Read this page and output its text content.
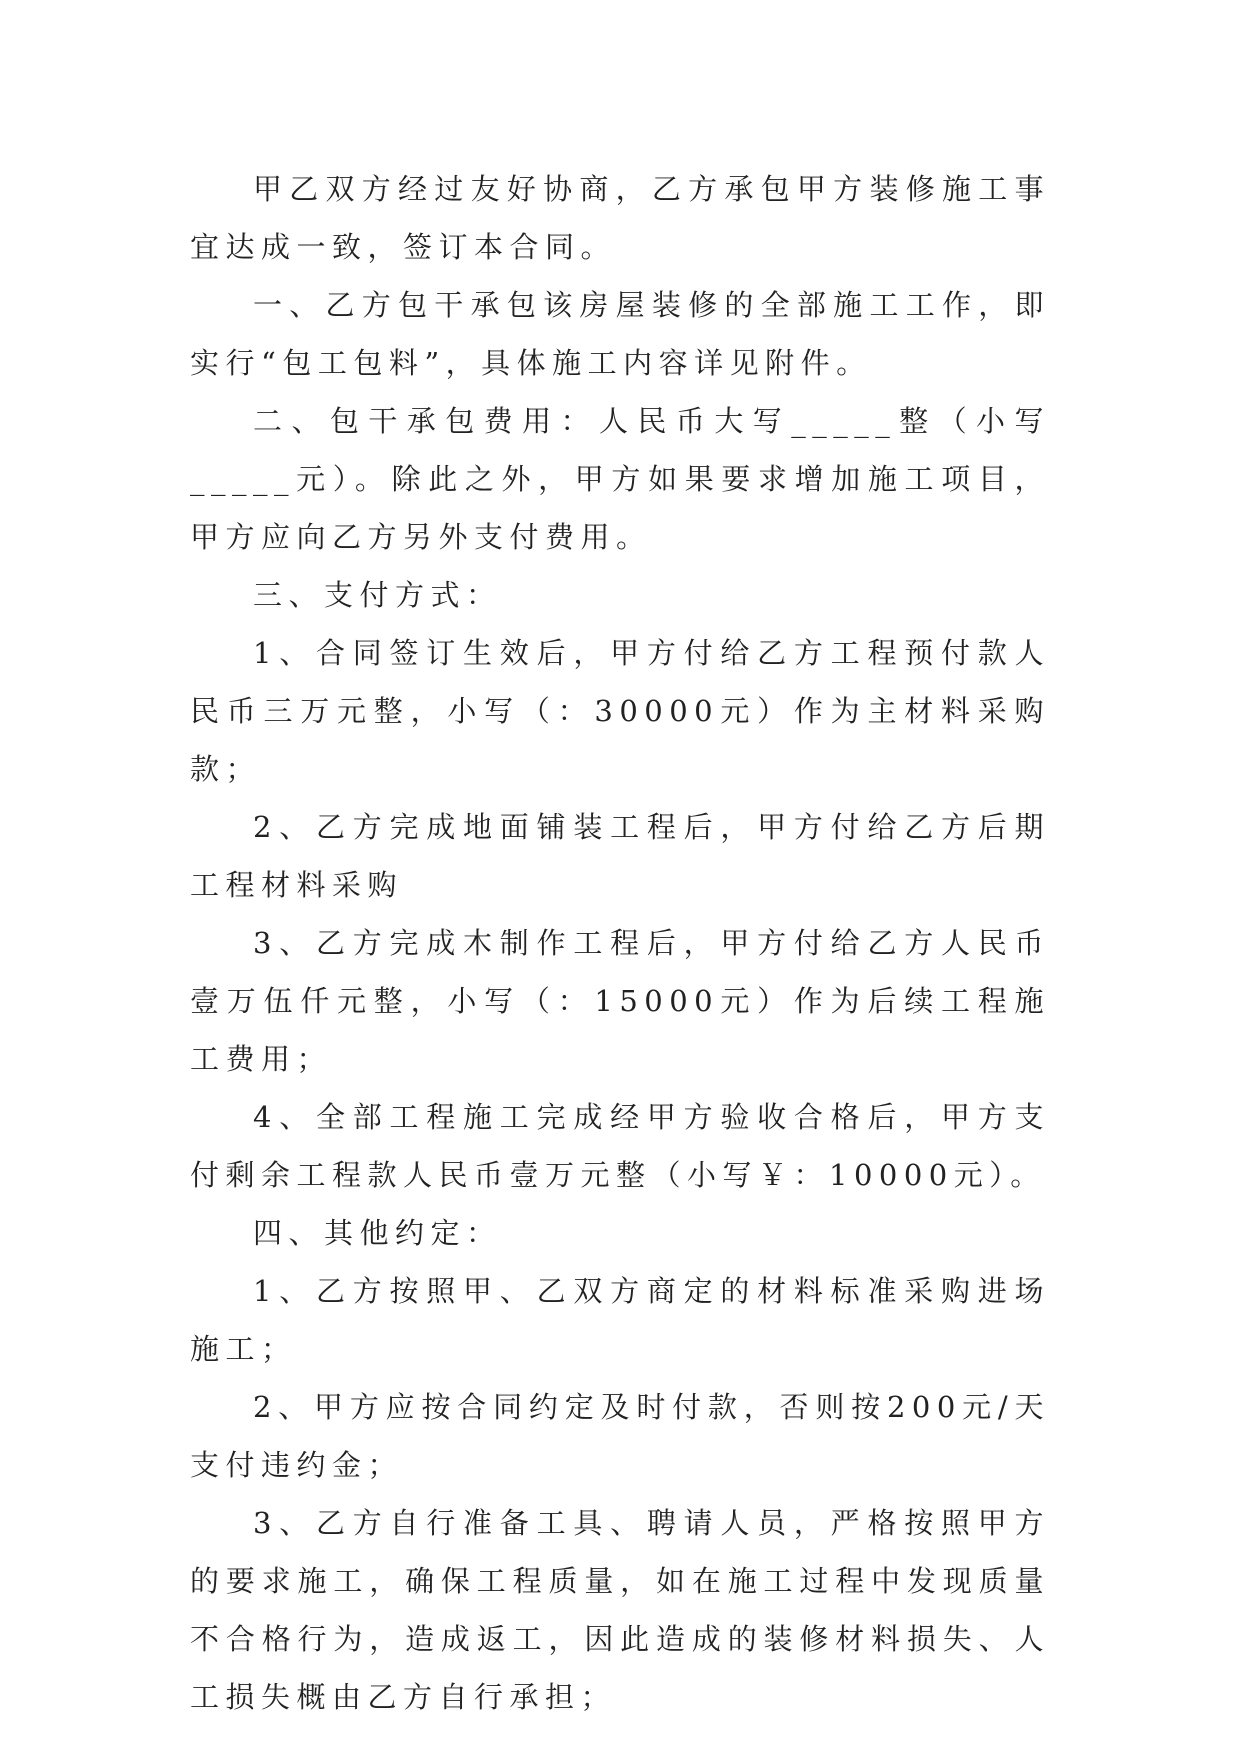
甲乙双方经过友好协商，乙方承包甲方装修施工事宜达成一致，签订本合同。

一、乙方包干承包该房屋装修的全部施工工作，即实行“包工包料”，具体施工内容详见附件。

二、包干承包费用：人民币大写_____整（小写_____元）。除此之外，甲方如果要求增加施工项目，甲方应向乙方另外支付费用。

三、支付方式：

1、合同签订生效后，甲方付给乙方工程预付款人民币三万元整，小写（：30000元）作为主材料采购款；

2、乙方完成地面铺装工程后，甲方付给乙方后期工程材料采购

3、乙方完成木制作工程后，甲方付给乙方人民币壹万伍仟元整，小写（：15000元）作为后续工程施工费用；

4、全部工程施工完成经甲方验收合格后，甲方支付剩余工程款人民币壹万元整（小写￥：10000元）。

四、其他约定：

1、乙方按照甲、乙双方商定的材料标准采购进场施工；

2、甲方应按合同约定及时付款，否则按200元/天支付违约金；

3、乙方自行准备工具、聘请人员，严格按照甲方的要求施工，确保工程质量，如在施工过程中发现质量不合格行为，造成返工，因此造成的装修材料损失、人工损失概由乙方自行承担；
